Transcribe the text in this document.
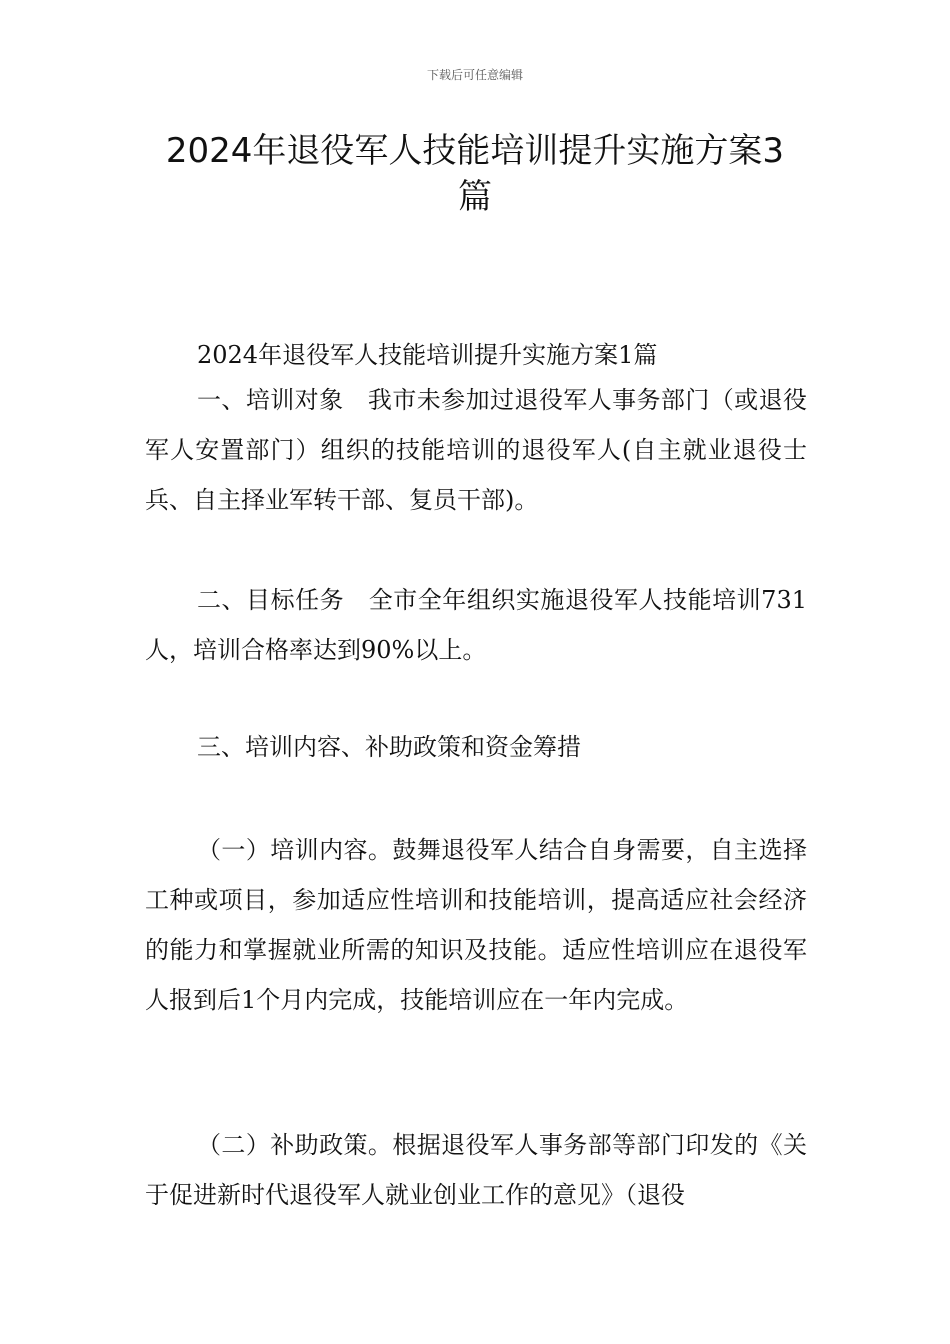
下载后可任意编辑
2024年退役军人技能培训提升实施方案3篇

2024年退役军人技能培训提升实施方案1篇

一、培训对象　我市未参加过退役军人事务部门（或退役军人安置部门）组织的技能培训的退役军人(自主就业退役士兵、自主择业军转干部、复员干部)。

二、目标任务　全市全年组织实施退役军人技能培训731人，培训合格率达到90%以上。

三、培训内容、补助政策和资金筹措

（一）培训内容。鼓舞退役军人结合自身需要，自主选择工种或项目，参加适应性培训和技能培训，提高适应社会经济的能力和掌握就业所需的知识及技能。适应性培训应在退役军人报到后1个月内完成，技能培训应在一年内完成。

（二）补助政策。根据退役军人事务部等部门印发的《关于促进新时代退役军人就业创业工作的意见》（退役
